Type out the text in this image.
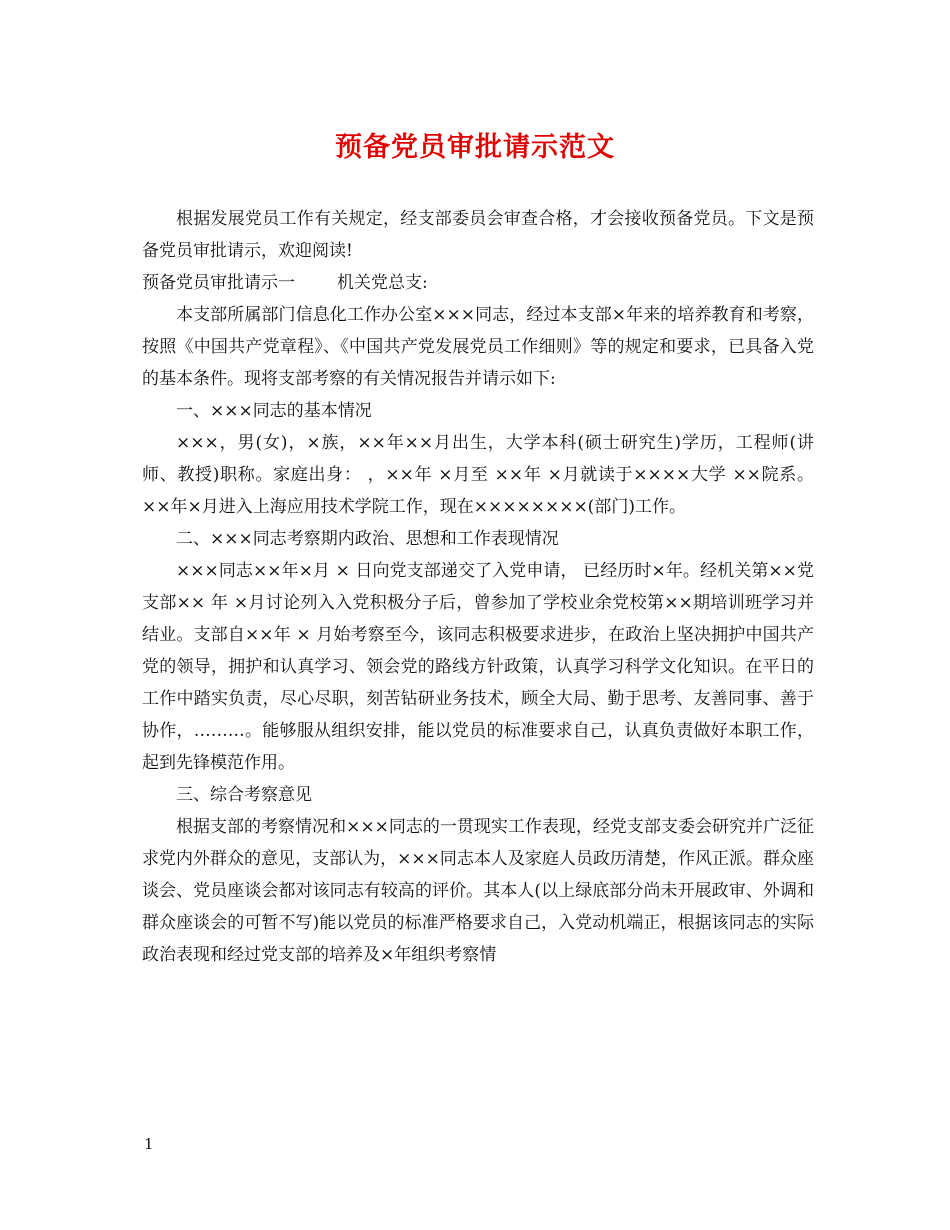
预备党员审批请示范文

根据发展党员工作有关规定，经支部委员会审查合格，才会接收预备党员。下文是预备党员审批请示，欢迎阅读!

预备党员审批请示一 机关党总支:

本支部所属部门信息化工作办公室×××同志，经过本支部×年来的培养教育和考察，按照《中国共产党章程》、《中国共产党发展党员工作细则》等的规定和要求，已具备入党的基本条件。现将支部考察的有关情况报告并请示如下:

一、×××同志的基本情况

×××，男(女)，×族，××年××月出生，大学本科(硕士研究生)学历，工程师(讲师、教授)职称。家庭出身： ，××年 ×月至 ××年 ×月就读于××××大学 ××院系。××年×月进入上海应用技术学院工作，现在××××××××(部门)工作。

二、×××同志考察期内政治、思想和工作表现情况

×××同志××年×月 × 日向党支部递交了入党申请， 已经历时×年。经机关第××党支部×× 年 ×月讨论列入入党积极分子后，曾参加了学校业余党校第××期培训班学习并结业。支部自××年 × 月始考察至今，该同志积极要求进步，在政治上坚决拥护中国共产党的领导，拥护和认真学习、领会党的路线方针政策，认真学习科学文化知识。在平日的工作中踏实负责，尽心尽职，刻苦钻研业务技术，顾全大局、勤于思考、友善同事、善于协作，………。能够服从组织安排，能以党员的标准要求自己，认真负责做好本职工作，起到先锋模范作用。

三、综合考察意见

根据支部的考察情况和×××同志的一贯现实工作表现，经党支部支委会研究并广泛征求党内外群众的意见，支部认为，×××同志本人及家庭人员政历清楚，作风正派。群众座谈会、党员座谈会都对该同志有较高的评价。其本人(以上绿底部分尚未开展政审、外调和群众座谈会的可暂不写)能以党员的标准严格要求自己，入党动机端正，根据该同志的实际政治表现和经过党支部的培养及×年组织考察情

1
